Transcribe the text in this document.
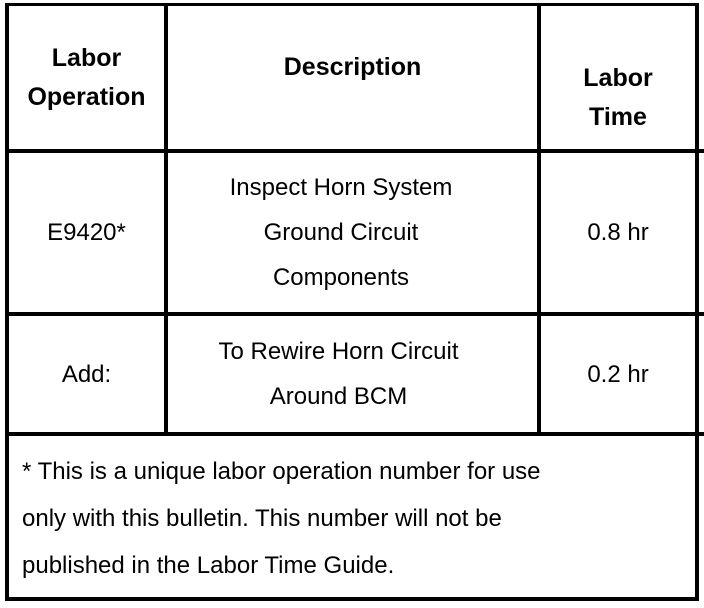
Labor
Operation
Description	Labor
Time
E9420*
Inspect Horn System
Ground Circuit
Components
0.8 hr
Add:
To Rewire Horn Circuit
Around BCM
0.2 hr
* This is a unique labor operation number for use
only with this bulletin. This number will not be
published in the Labor Time Guide.
